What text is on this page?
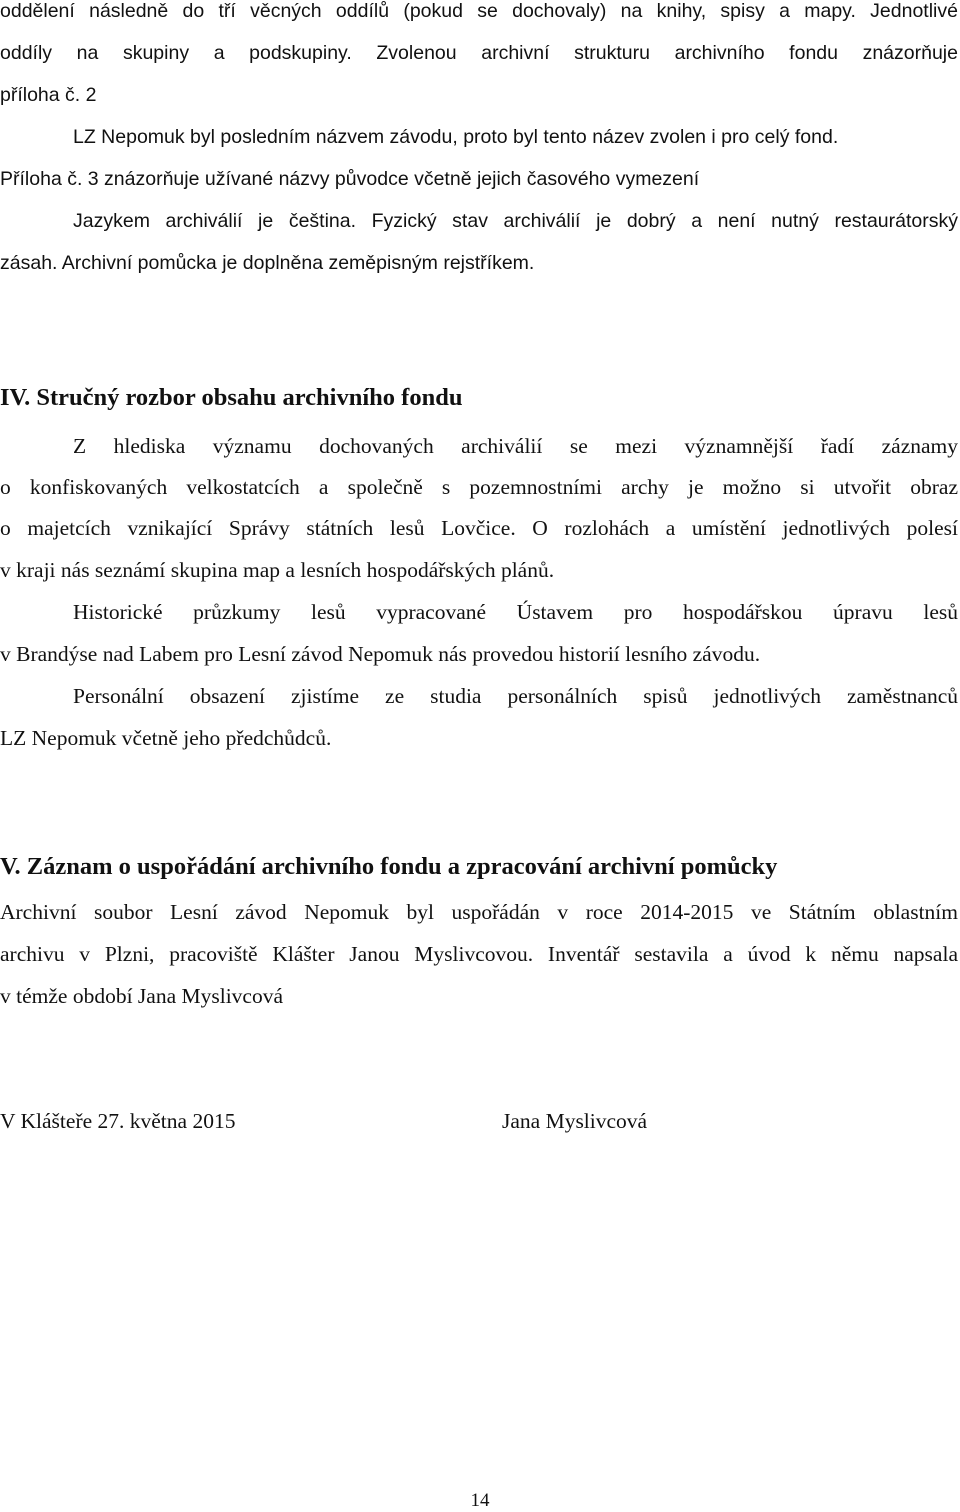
oddělení následně do tří věcných oddílů (pokud se dochovaly) na knihy, spisy a mapy. Jednotlivé
oddíly na skupiny a podskupiny. Zvolenou archivní strukturu archivního fondu znázorňuje
příloha č. 2
LZ Nepomuk byl posledním názvem závodu, proto byl tento název zvolen i pro celý fond.
Příloha č. 3 znázorňuje užívané názvy původce včetně jejich časového vymezení
Jazykem archiválií je čeština. Fyzický stav archiválií je dobrý a není nutný restaurátorský
zásah. Archivní pomůcka je doplněna zeměpisným rejstříkem.
IV. Stručný rozbor obsahu archivního fondu
Z hlediska významu dochovaných archiválií se mezi významnější řadí záznamy
o konfiskovaných velkostatcích a společně s pozemnostními archy je možno si utvořit obraz
o majetcích vznikající Správy státních lesů Lovčice. O rozlohách a umístění jednotlivých polesí
v kraji nás seznámí skupina map a lesních hospodářských plánů.
Historické průzkumy lesů vypracované Ústavem pro hospodářskou úpravu lesů
v Brandýse nad Labem pro Lesní závod Nepomuk nás provedou historií lesního závodu.
Personální obsazení zjistíme ze studia personálních spisů jednotlivých zaměstnanců
LZ Nepomuk včetně jeho předchůdců.
V. Záznam o uspořádání archivního fondu a zpracování archivní pomůcky
Archivní soubor Lesní závod Nepomuk byl uspořádán v roce 2014-2015 ve Státním oblastním
archivu v Plzni, pracoviště Klášter Janou Myslivcovou. Inventář sestavila a úvod k němu napsala
v témže období Jana Myslivcová
V Klášteře 27. května 2015	Jana Myslivcová
14
